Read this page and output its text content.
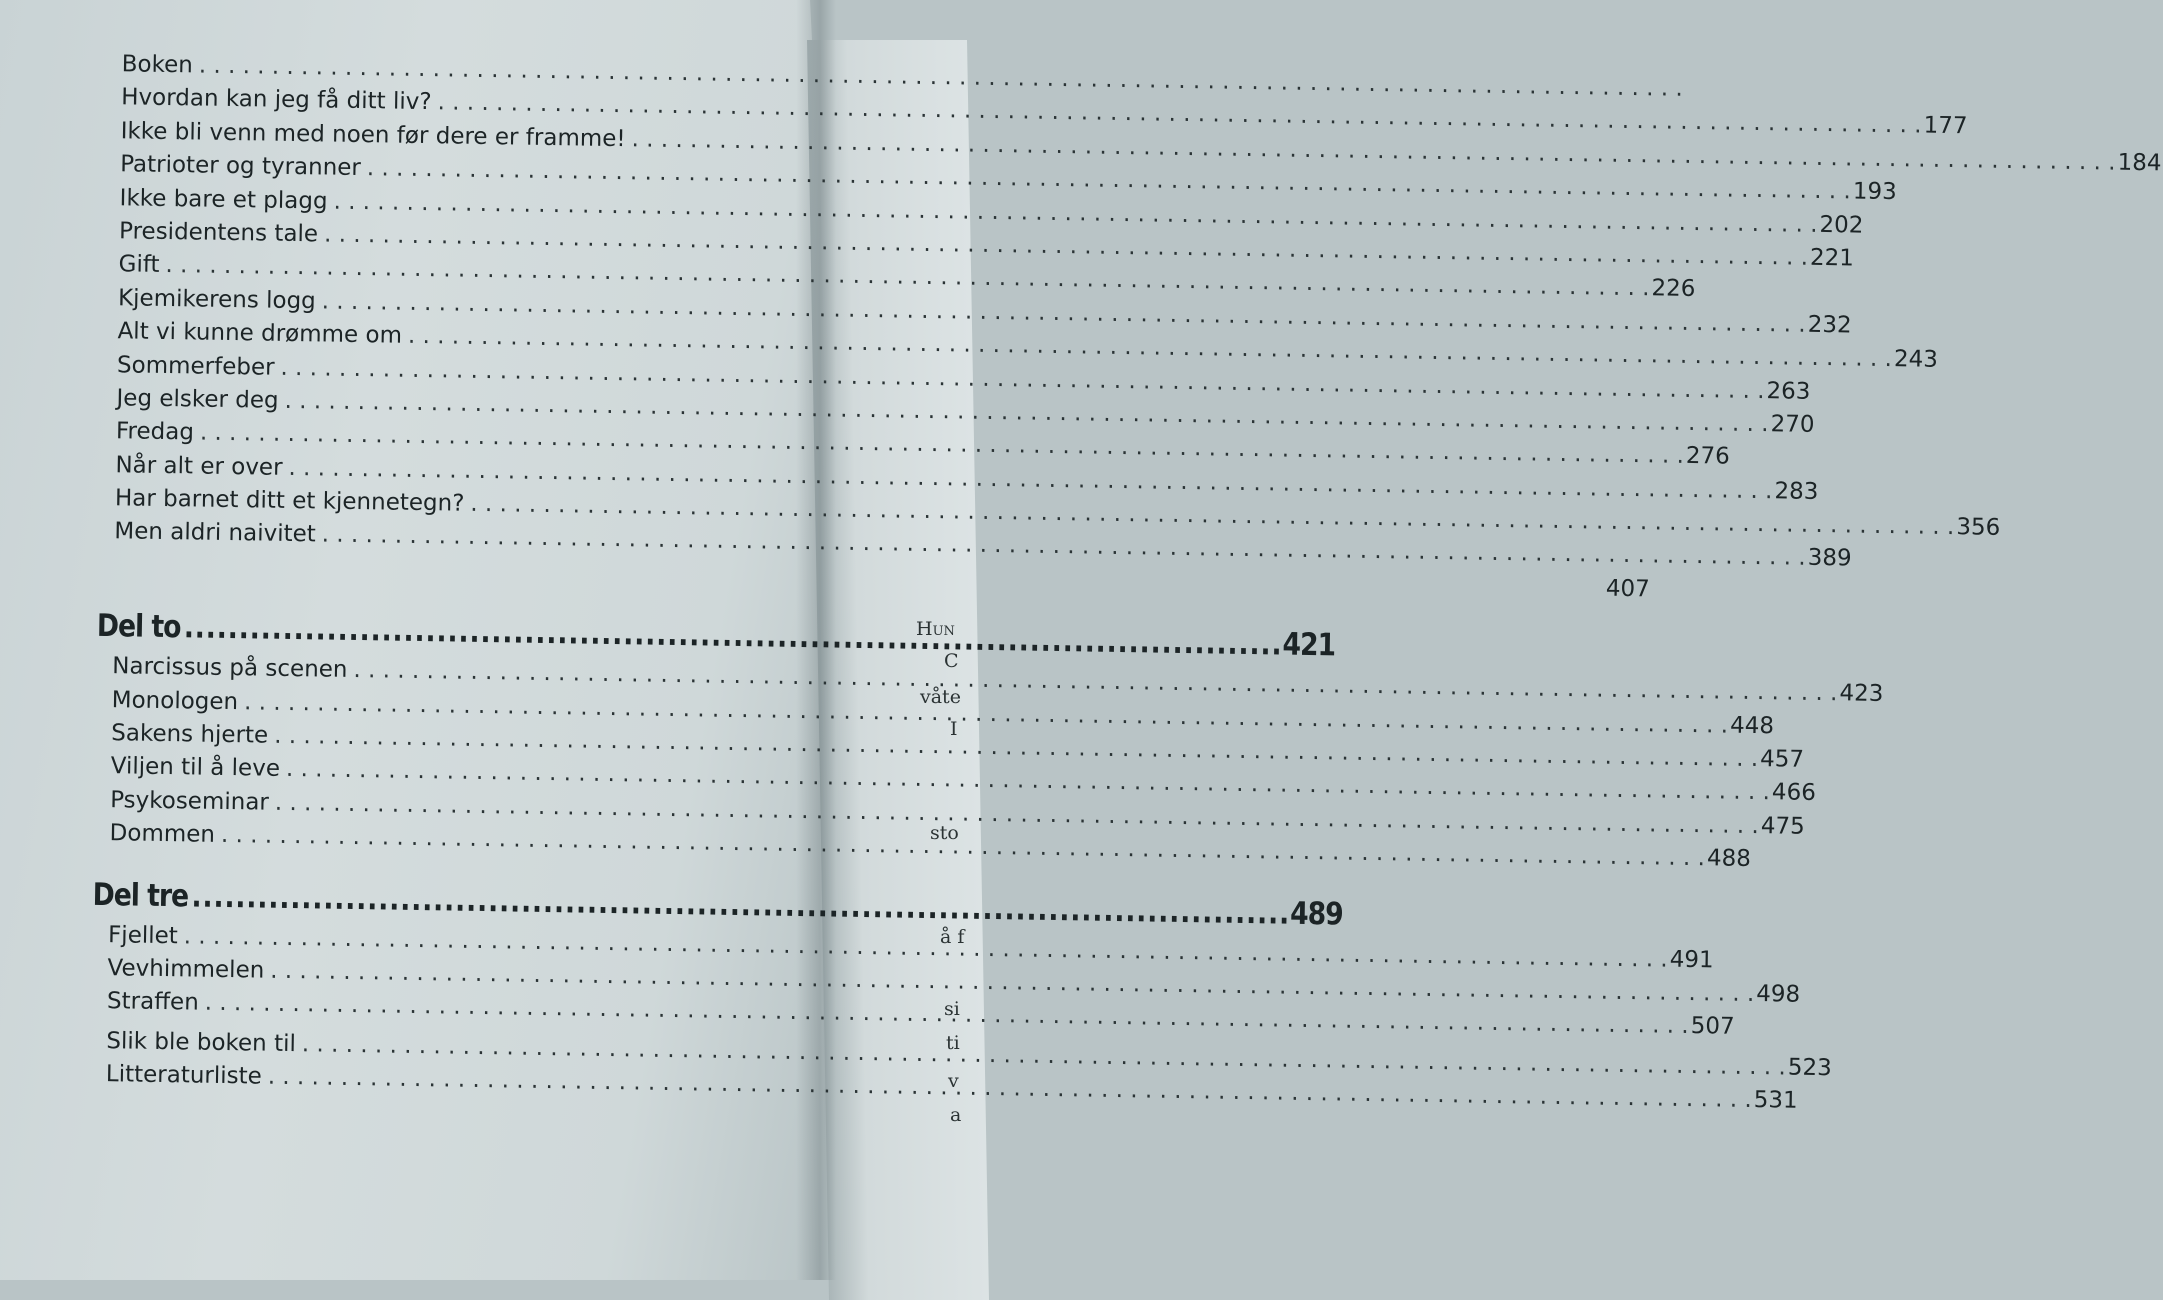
Boken
. . .
Hvordan kan jeg få ditt liv?
. . .
177
Ikke bli venn med noen før dere er framme!
. . .
184
Patrioter og tyranner
. . .
193
Ikke bare et plagg
. . .
202
Presidentens tale
. . .
221
Gift
. . .
226
Kjemikerens logg
. . .
232
Alt vi kunne drømme om
. . .
243
Sommerfeber
. . .
263
Jeg elsker deg
. . .
270
Fredag
. . .
276
Når alt er over
. . .
283
Har barnet ditt et kjennetegn?
. . .
356
Men aldri naivitet
. . .
389
407
Del to .....	421
Narcissus på scenen
. . .
423
Monologen
. . .
448
Sakens hjerte
. . .
457
Viljen til å leve
. . .
466
Psykoseminar
. . .
475
Dommen
. . .
488
Del tre .....	489
Fjellet
. . .
491
Vevhimmelen
. . .
498
Straffen
. . .
507
Slik ble boken til
. . .
523
Litteraturliste
. . .
531
Hun
C
våte
I
sto
å f
si
ti
v
a
